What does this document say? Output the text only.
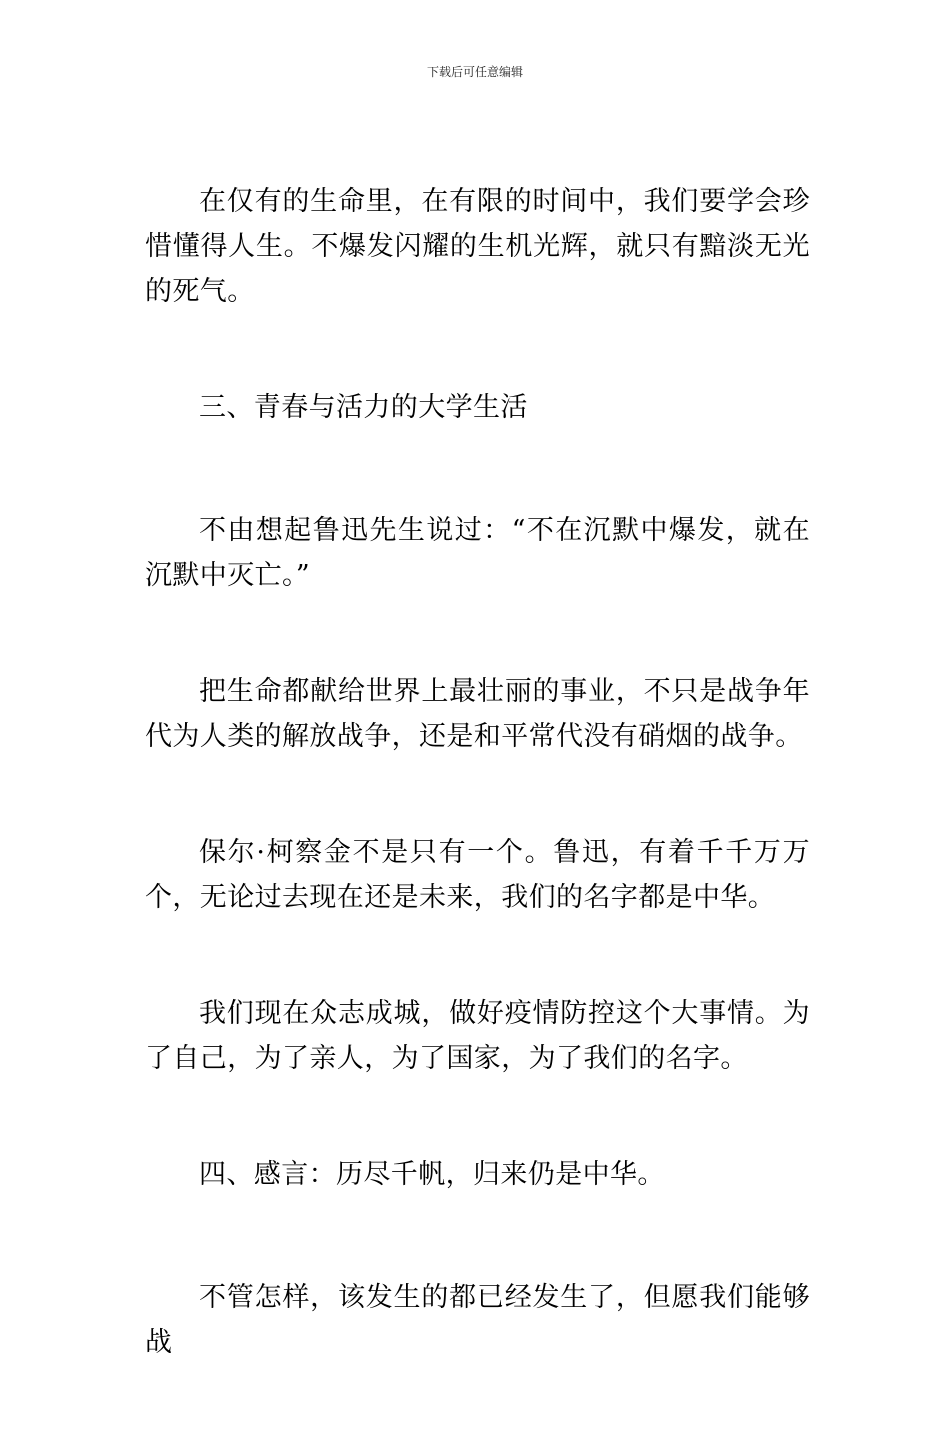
下载后可任意编辑

在仅有的生命里，在有限的时间中，我们要学会珍惜懂得人生。不爆发闪耀的生机光辉，就只有黯淡无光的死气。

三、青春与活力的大学生活

不由想起鲁迅先生说过：“不在沉默中爆发，就在沉默中灭亡。”

把生命都献给世界上最壮丽的事业，不只是战争年代为人类的解放战争，还是和平常代没有硝烟的战争。

保尔·柯察金不是只有一个。鲁迅，有着千千万万个，无论过去现在还是未来，我们的名字都是中华。

我们现在众志成城，做好疫情防控这个大事情。为了自己，为了亲人，为了国家，为了我们的名字。

四、感言：历尽千帆，归来仍是中华。

不管怎样，该发生的都已经发生了，但愿我们能够战
